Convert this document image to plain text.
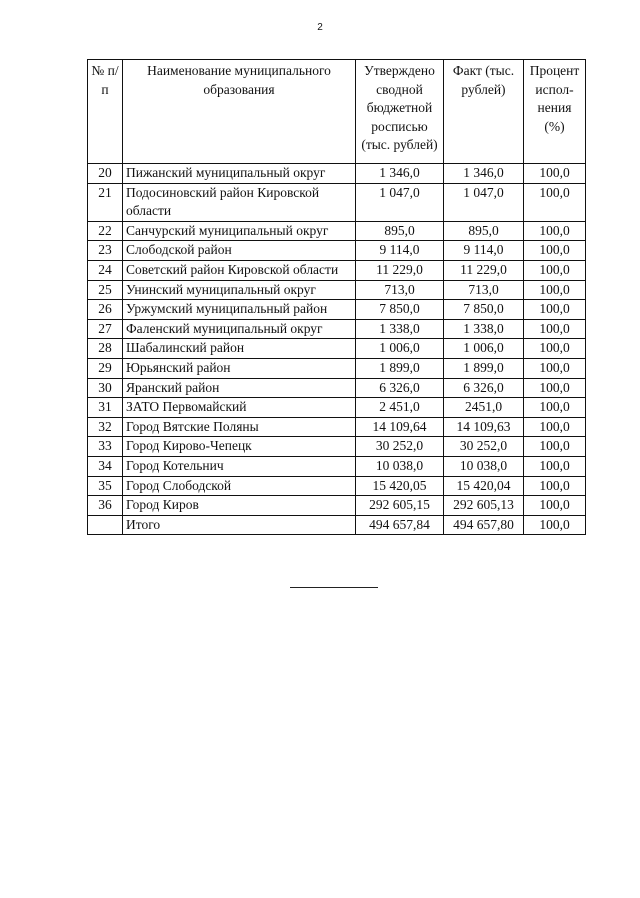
2
№ п/п	Наименование муниципального образования	Утверждено сводной бюджетной росписью (тыс. рублей)	Факт (тыс. рублей)	Процент испол-нения (%)
20	Пижанский муниципальный округ	1 346,0	1 346,0	100,0
21	Подосиновский район Кировской области	1 047,0	1 047,0	100,0
22	Санчурский муниципальный округ	895,0	895,0	100,0
23	Слободской район	9 114,0	9 114,0	100,0
24	Советский район Кировской области	11 229,0	11 229,0	100,0
25	Унинский муниципальный округ	713,0	713,0	100,0
26	Уржумский муниципальный район	7 850,0	7 850,0	100,0
27	Фаленский муниципальный округ	1 338,0	1 338,0	100,0
28	Шабалинский район	1 006,0	1 006,0	100,0
29	Юрьянский район	1 899,0	1 899,0	100,0
30	Яранский район	6 326,0	6 326,0	100,0
31	ЗАТО Первомайский	2 451,0	2451,0	100,0
32	Город Вятские Поляны	14 109,64	14 109,63	100,0
33	Город Кирово-Чепецк	30 252,0	30 252,0	100,0
34	Город Котельнич	10 038,0	10 038,0	100,0
35	Город Слободской	15 420,05	15 420,04	100,0
36	Город Киров	292 605,15	292 605,13	100,0
	Итого	494 657,84	494 657,80	100,0
